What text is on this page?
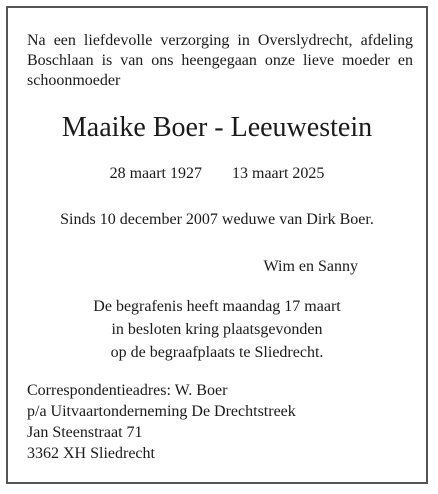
Na een liefdevolle verzorging in Overslydrecht, afdeling Boschlaan is van ons heengegaan onze lieve moeder en schoonmoeder

Maaike Boer - Leeuwestein
28 maart 1927 13 maart 2025
Sinds 10 december 2007 weduwe van Dirk Boer.
Wim en Sanny
De begrafenis heeft maandag 17 maart
in besloten kring plaatsgevonden
op de begraafplaats te Sliedrecht.
Correspondentieadres: W. Boer
p/a Uitvaartonderneming De Drechtstreek
Jan Steenstraat 71
3362 XH Sliedrecht
